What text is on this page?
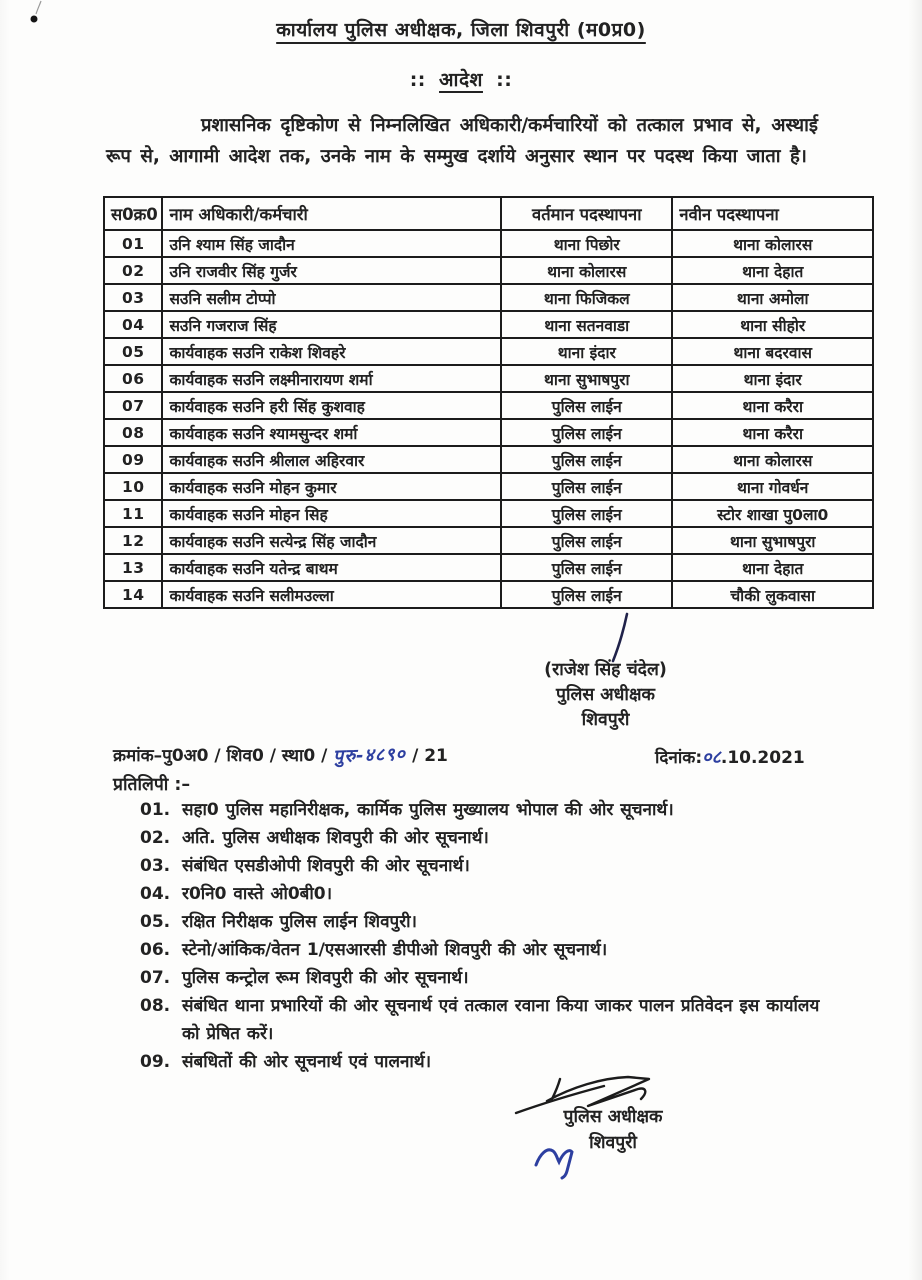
कार्यालय पुलिस अधीक्षक, जिला शिवपुरी (म0प्र0)
:: आदेश ::
प्रशासनिक दृष्टिकोण से निम्नलिखित अधिकारी/कर्मचारियों को तत्काल प्रभाव से, अस्थाई रूप से, आगामी आदेश तक, उनके नाम के सम्मुख दर्शाये अनुसार स्थान पर पदस्थ किया जाता है।
स0क्र0	नाम अधिकारी/कर्मचारी	वर्तमान पदस्थापना	नवीन पदस्थापना
01	उनि श्याम सिंह जादौन	थाना पिछोर	थाना कोलारस
02	उनि राजवीर सिंह गुर्जर	थाना कोलारस	थाना देहात
03	सउनि सलीम टोप्पो	थाना फिजिकल	थाना अमोला
04	सउनि गजराज सिंह	थाना सतनवाडा	थाना सीहोर
05	कार्यवाहक सउनि राकेश शिवहरे	थाना इंदार	थाना बदरवास
06	कार्यवाहक सउनि लक्ष्मीनारायण शर्मा	थाना सुभाषपुरा	थाना इंदार
07	कार्यवाहक सउनि हरी सिंह कुशवाह	पुलिस लाईन	थाना करैरा
08	कार्यवाहक सउनि श्यामसुन्दर शर्मा	पुलिस लाईन	थाना करैरा
09	कार्यवाहक सउनि श्रीलाल अहिरवार	पुलिस लाईन	थाना कोलारस
10	कार्यवाहक सउनि मोहन कुमार	पुलिस लाईन	थाना गोवर्धन
11	कार्यवाहक सउनि मोहन सिह	पुलिस लाईन	स्टोर शाखा पु0ला0
12	कार्यवाहक सउनि सत्येन्द्र सिंह जादौन	पुलिस लाईन	थाना सुभाषपुरा
13	कार्यवाहक सउनि यतेन्द्र बाथम	पुलिस लाईन	थाना देहात
14	कार्यवाहक सउनि सलीमउल्ला	पुलिस लाईन	चौकी लुकवासा
(राजेश सिंह चंदेल)
पुलिस अधीक्षक
शिवपुरी
क्रमांक–पु0अ0 / शिव0 / स्था0 / पुरु-४८९० / 21	दिनांक:०८.10.2021
प्रतिलिपी :–
01. सहा0 पुलिस महानिरीक्षक, कार्मिक पुलिस मुख्यालय भोपाल की ओर सूचनार्थ।
02. अति. पुलिस अधीक्षक शिवपुरी की ओर सूचनार्थ।
03. संबंधित एसडीओपी शिवपुरी की ओर सूचनार्थ।
04. र0नि0 वास्ते ओ0बी0।
05. रक्षित निरीक्षक पुलिस लाईन शिवपुरी।
06. स्टेनो/आंकिक/वेतन 1/एसआरसी डीपीओ शिवपुरी की ओर सूचनार्थ।
07. पुलिस कन्ट्रोल रूम शिवपुरी की ओर सूचनार्थ।
08. संबंधित थाना प्रभारियों की ओर सूचनार्थ एवं तत्काल रवाना किया जाकर पालन प्रतिवेदन इस कार्यालय को प्रेषित करें।
09. संबधितों की ओर सूचनार्थ एवं पालनार्थ।
पुलिस अधीक्षक
शिवपुरी
